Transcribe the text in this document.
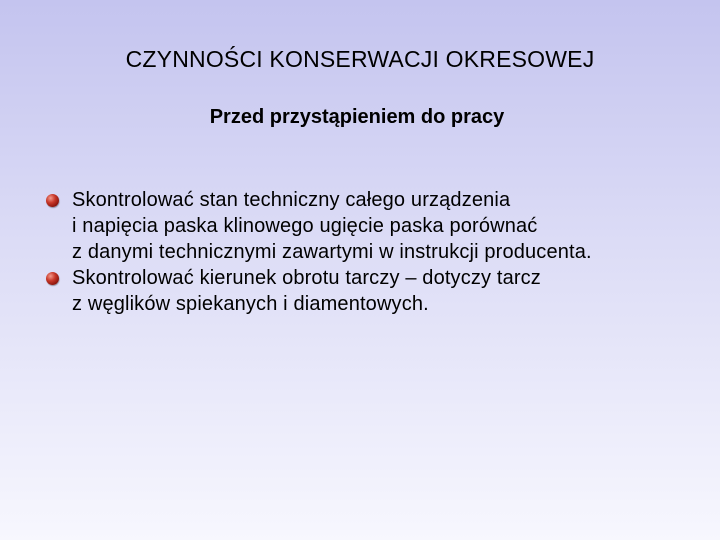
CZYNNOŚCI KONSERWACJI OKRESOWEJ
Przed przystąpieniem do pracy
Skontrolować stan techniczny całego urządzenia
i napięcia paska klinowego ugięcie paska porównać
z danymi technicznymi zawartymi w instrukcji producenta.
Skontrolować kierunek obrotu tarczy – dotyczy tarcz
z węglików spiekanych i diamentowych.
